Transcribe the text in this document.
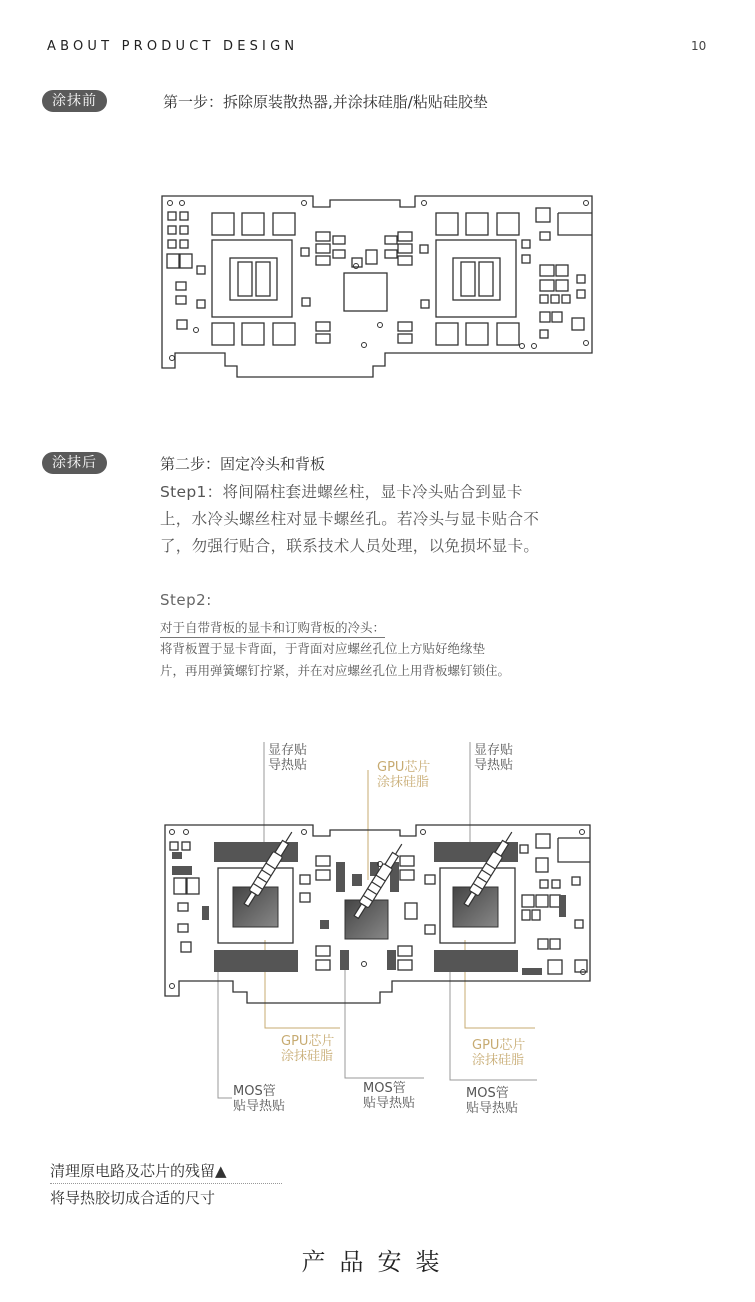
ABOUT PRODUCT DESIGN	10
涂抹前	第一步：拆除原装散热器,并涂抹硅脂/粘贴硅胶垫
涂抹后	第二步：固定冷头和背板
Step1：将间隔柱套进螺丝柱，显卡冷头贴合到显卡
上，水冷头螺丝柱对显卡螺丝孔。若冷头与显卡贴合不
了，勿强行贴合，联系技术人员处理，以免损坏显卡。
Step2:
对于自带背板的显卡和订购背板的冷头：
将背板置于显卡背面，于背面对应螺丝孔位上方贴好绝缘垫
片，再用弹簧螺钉拧紧，并在对应螺丝孔位上用背板螺钉锁住。
显存贴
导热贴
显存贴
导热贴
GPU芯片
涂抹硅脂
GPU芯片
涂抹硅脂
GPU芯片
涂抹硅脂
MOS管
贴导热贴
MOS管
贴导热贴
MOS管
贴导热贴
清理原电路及芯片的残留▲
将导热胶切成合适的尺寸
产品安装
